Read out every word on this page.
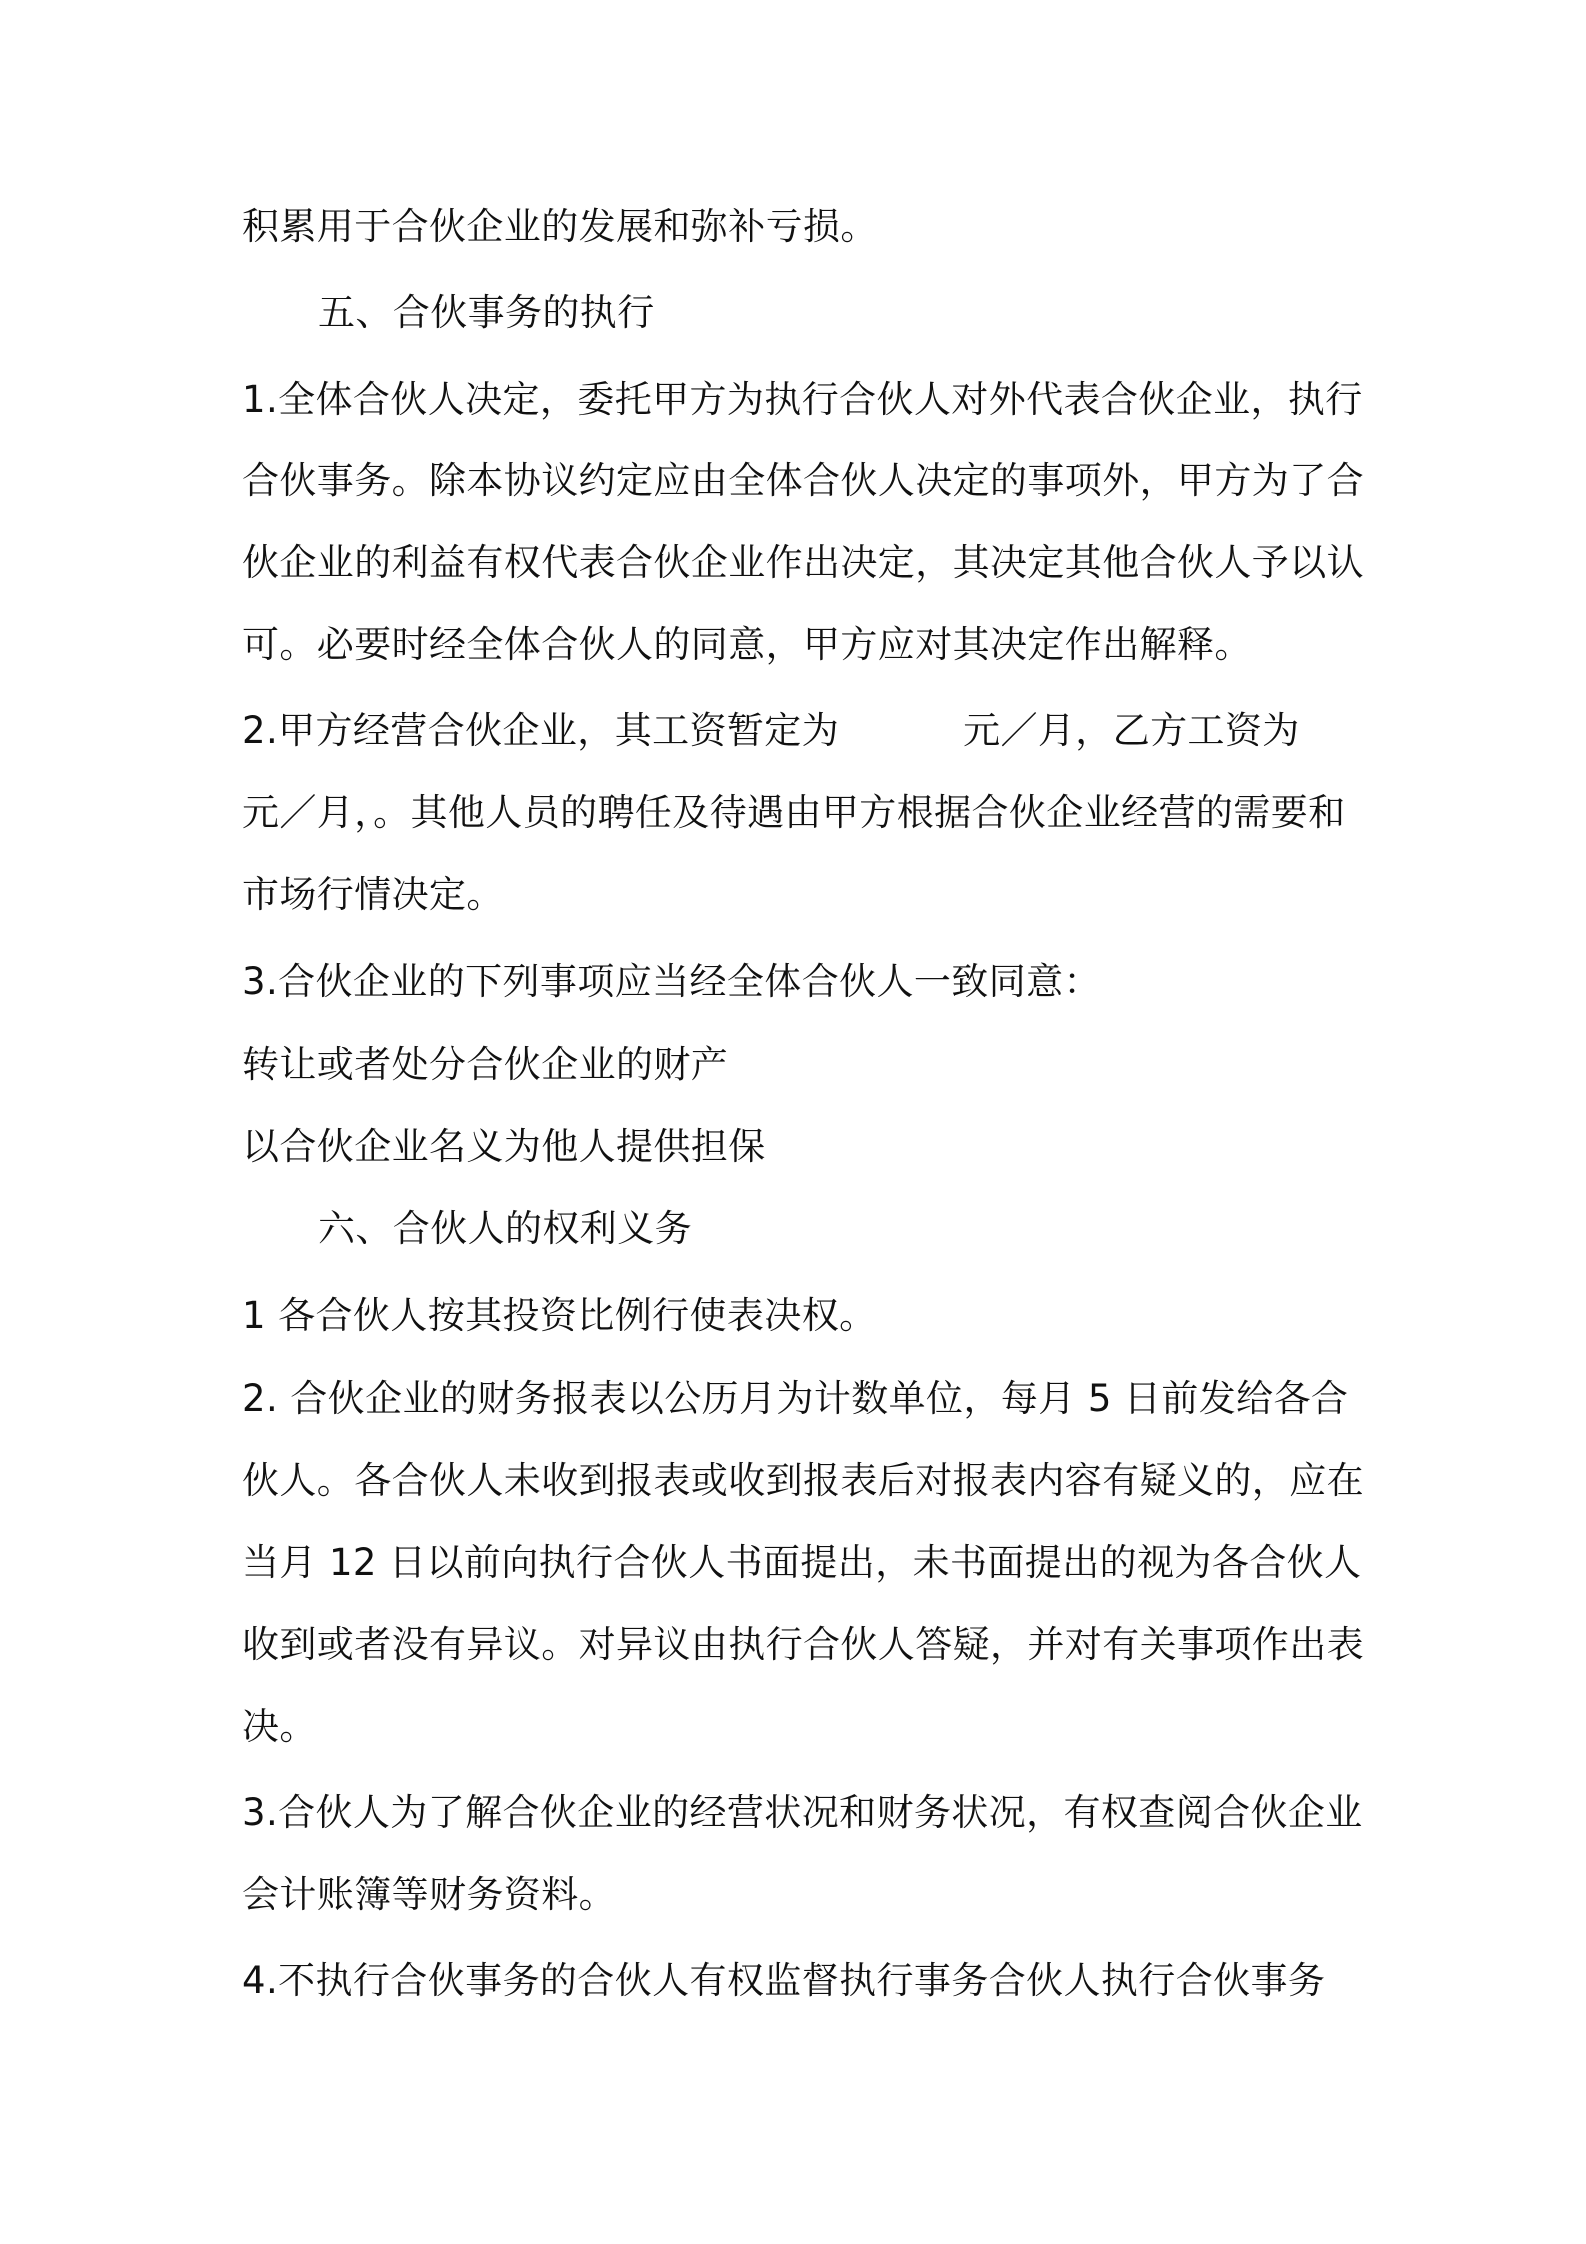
积累用于合伙企业的发展和弥补亏损。
五、合伙事务的执行
1.全体合伙人决定，委托甲方为执行合伙人对外代表合伙企业，执行
合伙事务。除本协议约定应由全体合伙人决定的事项外，甲方为了合
伙企业的利益有权代表合伙企业作出决定，其决定其他合伙人予以认
可。必要时经全体合伙人的同意，甲方应对其决定作出解释。
2.甲方经营合伙企业，其工资暂定为	元／月，乙方工资为
元／月，。其他人员的聘任及待遇由甲方根据合伙企业经营的需要和
市场行情决定。
3.合伙企业的下列事项应当经全体合伙人一致同意：
转让或者处分合伙企业的财产
以合伙企业名义为他人提供担保
六、合伙人的权利义务
1 各合伙人按其投资比例行使表决权。
2. 合伙企业的财务报表以公历月为计数单位，每月 5 日前发给各合
伙人。各合伙人未收到报表或收到报表后对报表内容有疑义的，应在
当月 12 日以前向执行合伙人书面提出，未书面提出的视为各合伙人
收到或者没有异议。对异议由执行合伙人答疑，并对有关事项作出表
决。
3.合伙人为了解合伙企业的经营状况和财务状况，有权查阅合伙企业
会计账簿等财务资料。
4.不执行合伙事务的合伙人有权监督执行事务合伙人执行合伙事务
